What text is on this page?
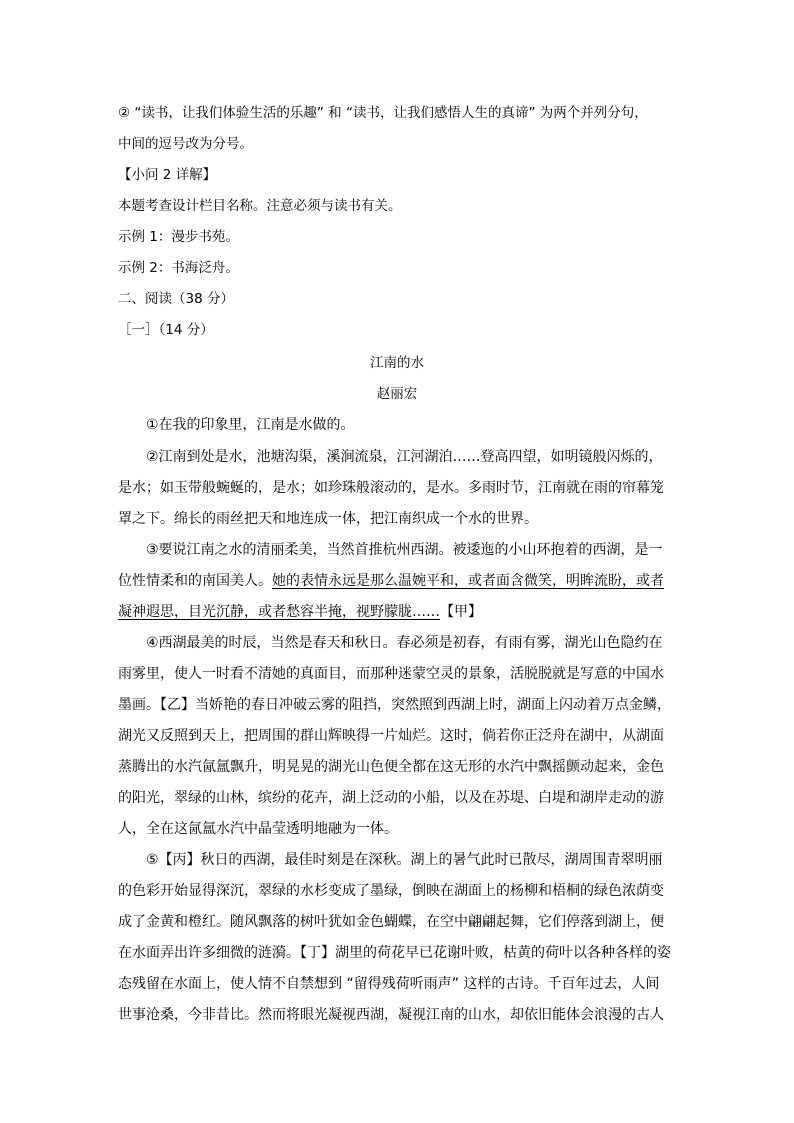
② “读书，让我们体验生活的乐趣” 和 “读书，让我们感悟人生的真谛” 为两个并列分句，
中间的逗号改为分号。
【小问 2 详解】
本题考查设计栏目名称。注意必须与读书有关。
示例 1：漫步书苑。
示例 2：书海泛舟。
二、阅读（38 分）
［一］（14 分）
江南的水
赵丽宏
①在我的印象里，江南是水做的。
②江南到处是水，池塘沟渠，溪涧流泉，江河湖泊……登高四望，如明镜般闪烁的，
是水；如玉带般蜿蜒的，是水；如珍珠般滚动的，是水。多雨时节，江南就在雨的帘幕笼
罩之下。绵长的雨丝把天和地连成一体，把江南织成一个水的世界。
③要说江南之水的清丽柔美，当然首推杭州西湖。被逶迤的小山环抱着的西湖，是一
位性情柔和的南国美人。她的表情永远是那么温婉平和，或者面含微笑，明眸流盼，或者
凝神遐思，目光沉静，或者愁容半掩，视野朦胧……【甲】
④西湖最美的时辰，当然是春天和秋日。春必须是初春，有雨有雾，湖光山色隐约在
雨雾里，使人一时看不清她的真面目，而那种迷蒙空灵的景象，活脱脱就是写意的中国水
墨画。【乙】当娇艳的春日冲破云雾的阻挡，突然照到西湖上时，湖面上闪动着万点金鳞，
湖光又反照到天上，把周围的群山辉映得一片灿烂。这时，倘若你正泛舟在湖中，从湖面
蒸腾出的水汽氤氲飘升，明晃晃的湖光山色便全都在这无形的水汽中飘摇颤动起来，金色
的阳光，翠绿的山林，缤纷的花卉，湖上泛动的小船，以及在苏堤、白堤和湖岸走动的游
人，全在这氤氲水汽中晶莹透明地融为一体。
⑤【丙】秋日的西湖，最佳时刻是在深秋。湖上的暑气此时已散尽，湖周围青翠明丽
的色彩开始显得深沉，翠绿的水杉变成了墨绿，倒映在湖面上的杨柳和梧桐的绿色浓荫变
成了金黄和橙红。随风飘落的树叶犹如金色蝴蝶，在空中翩翩起舞，它们停落到湖上，便
在水面弄出许多细微的涟漪。【丁】湖里的荷花早已花谢叶败，枯黄的荷叶以各种各样的姿
态残留在水面上，使人情不自禁想到 “留得残荷听雨声” 这样的古诗。千百年过去，人间
世事沧桑，今非昔比。然而将眼光凝视西湖，凝视江南的山水，却依旧能体会浪漫的古人
